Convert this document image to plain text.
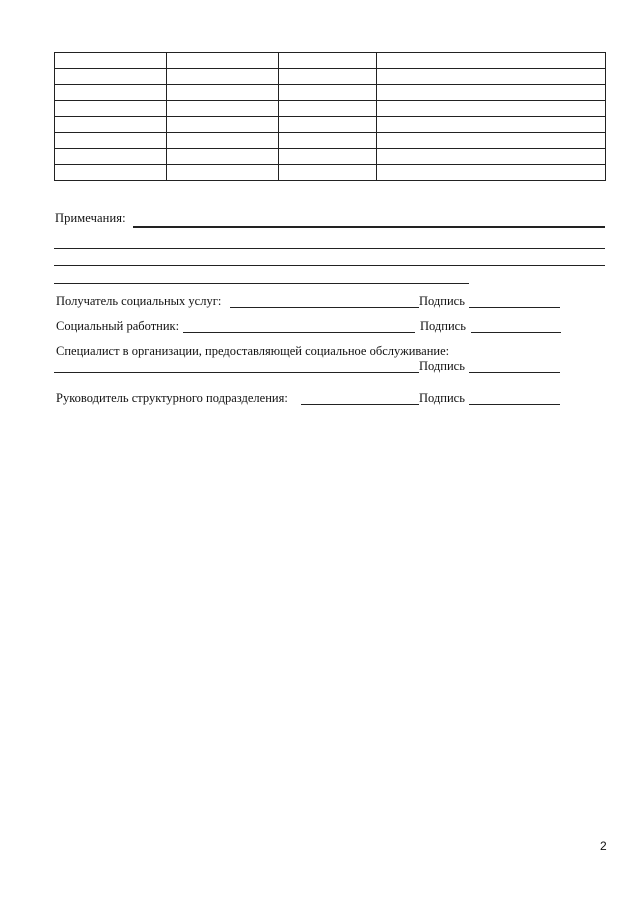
Примечания:
Получатель социальных услуг:	Подпись
Социальный работник:	Подпись
Специалист в организации, предоставляющей социальное обслуживание:
Подпись
Руководитель структурного подразделения:	Подпись
2
